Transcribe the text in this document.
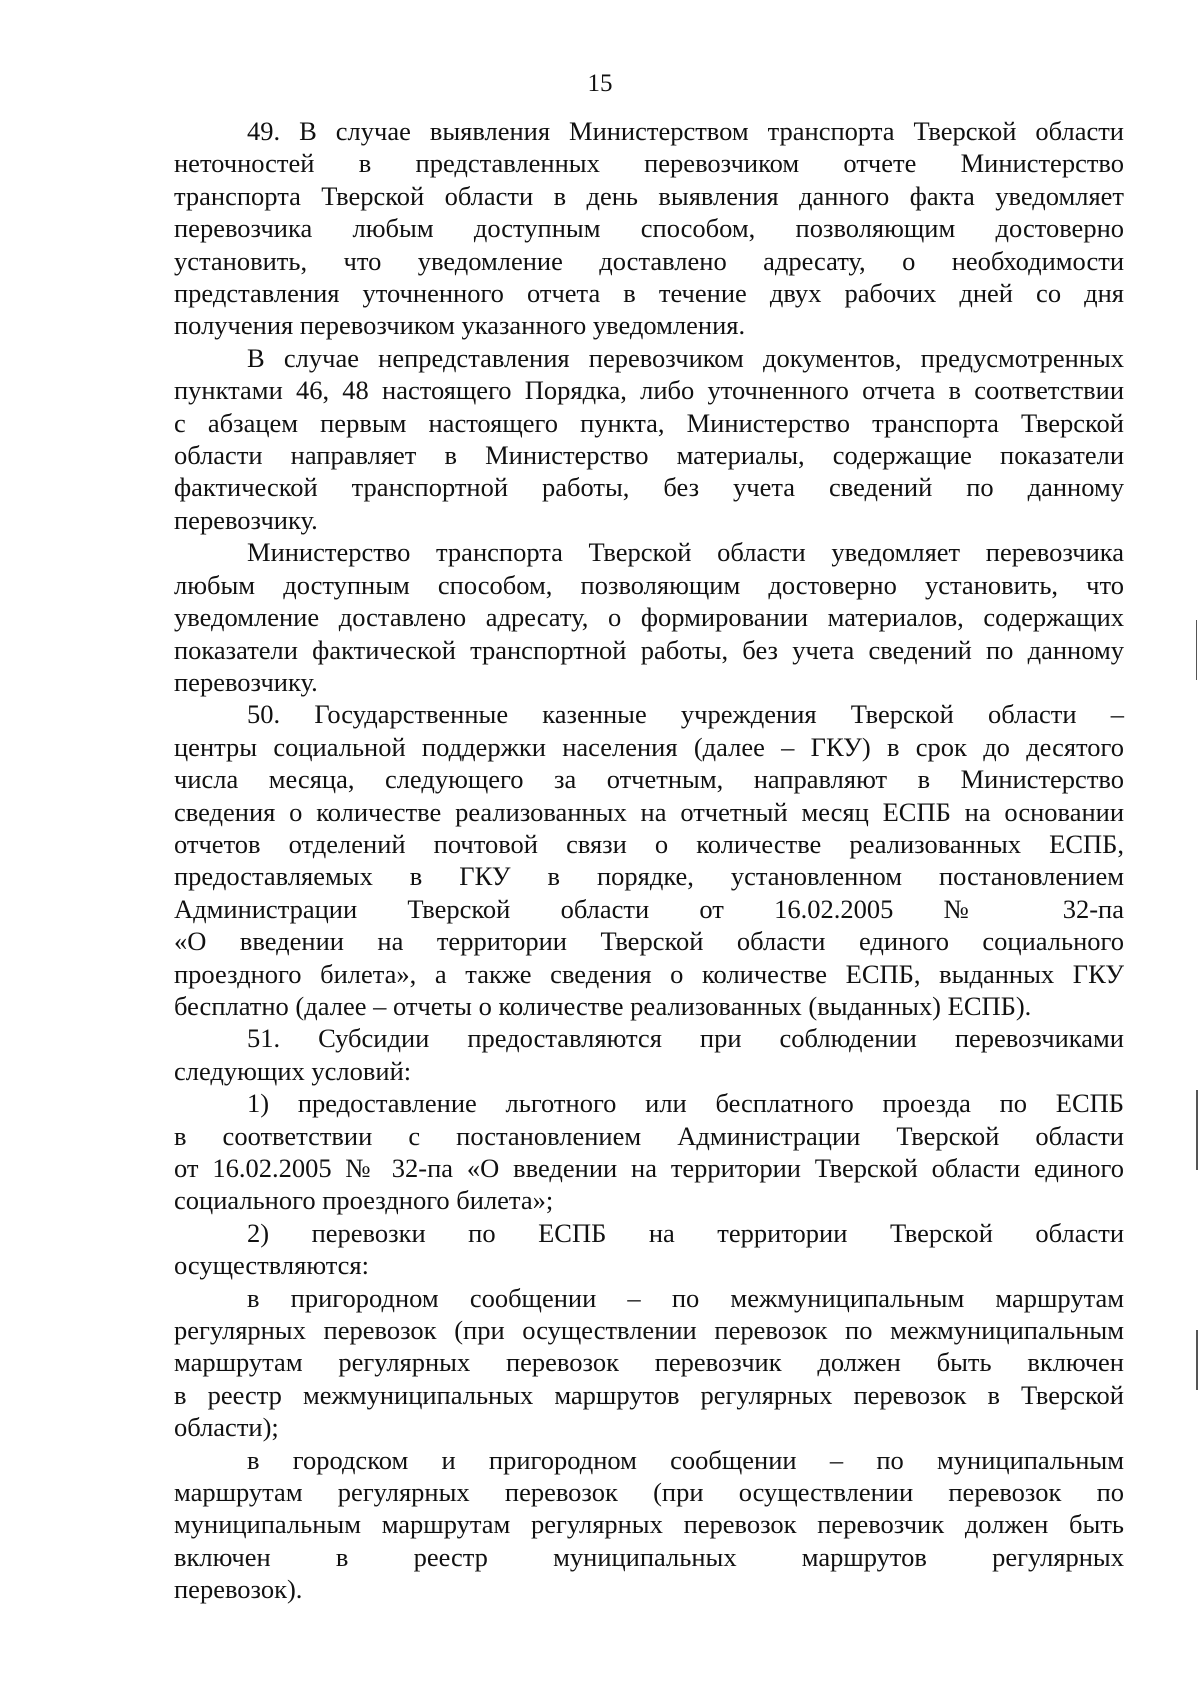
15
49. В случае выявления Министерством транспорта Тверской области
неточностей в представленных перевозчиком отчете Министерство
транспорта Тверской области в день выявления данного факта уведомляет
перевозчика любым доступным способом, позволяющим достоверно
установить, что уведомление доставлено адресату, о необходимости
представления уточненного отчета в течение двух рабочих дней со дня
получения перевозчиком указанного уведомления.
В случае непредставления перевозчиком документов, предусмотренных
пунктами 46, 48 настоящего Порядка, либо уточненного отчета в соответствии
с абзацем первым настоящего пункта, Министерство транспорта Тверской
области направляет в Министерство материалы, содержащие показатели
фактической транспортной работы, без учета сведений по данному
перевозчику.
Министерство транспорта Тверской области уведомляет перевозчика
любым доступным способом, позволяющим достоверно установить, что
уведомление доставлено адресату, о формировании материалов, содержащих
показатели фактической транспортной работы, без учета сведений по данному
перевозчику.
50. Государственные казенные учреждения Тверской области –
центры социальной поддержки населения (далее – ГКУ) в срок до десятого
числа месяца, следующего за отчетным, направляют в Министерство
сведения о количестве реализованных на отчетный месяц ЕСПБ на основании
отчетов отделений почтовой связи о количестве реализованных ЕСПБ,
предоставляемых в ГКУ в порядке, установленном постановлением
Администрации Тверской области от 16.02.2005 № 32-па
«О введении на территории Тверской области единого социального
проездного билета», а также сведения о количестве ЕСПБ, выданных ГКУ
бесплатно (далее – отчеты о количестве реализованных (выданных) ЕСПБ).
51. Субсидии предоставляются при соблюдении перевозчиками
следующих условий:
1) предоставление льготного или бесплатного проезда по ЕСПБ
в соответствии с постановлением Администрации Тверской области
от 16.02.2005 № 32-па «О введении на территории Тверской области единого
социального проездного билета»;
2) перевозки по ЕСПБ на территории Тверской области
осуществляются:
в пригородном сообщении – по межмуниципальным маршрутам
регулярных перевозок (при осуществлении перевозок по межмуниципальным
маршрутам регулярных перевозок перевозчик должен быть включен
в реестр межмуниципальных маршрутов регулярных перевозок в Тверской
области);
в городском и пригородном сообщении – по муниципальным
маршрутам регулярных перевозок (при осуществлении перевозок по
муниципальным маршрутам регулярных перевозок перевозчик должен быть
включен в реестр муниципальных маршрутов регулярных
перевозок).
